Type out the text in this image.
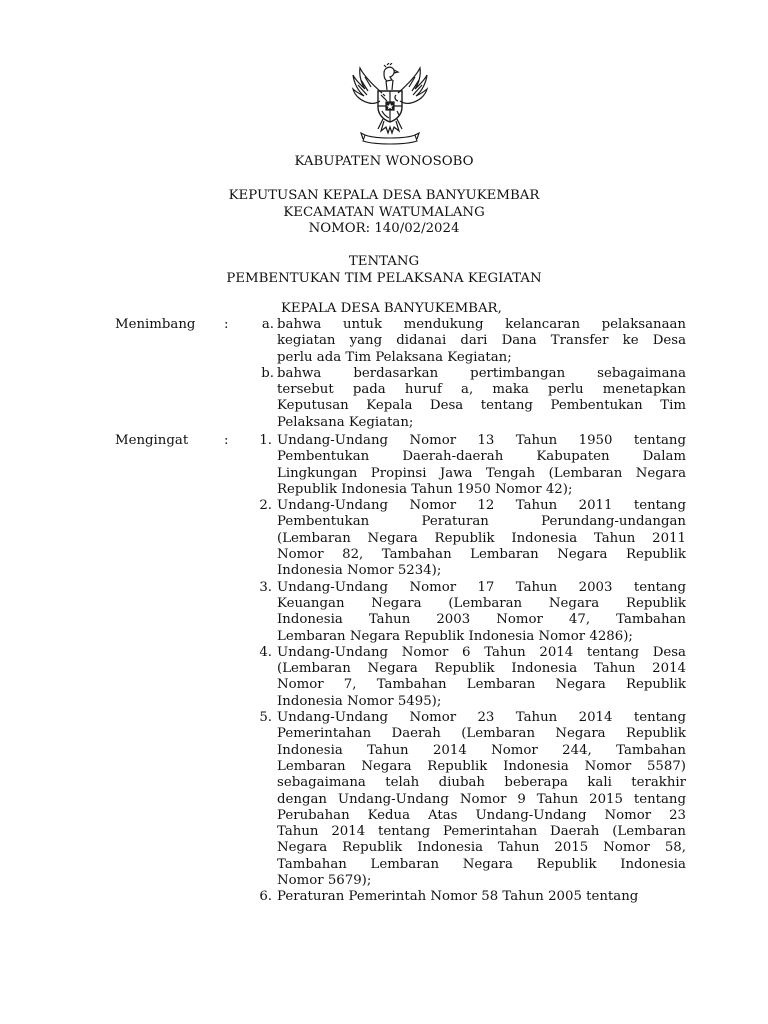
KABUPATEN WONOSOBO
KEPUTUSAN KEPALA DESA BANYUKEMBAR
KECAMATAN WATUMALANG
NOMOR: 140/02/2024
TENTANG
PEMBENTUKAN TIM PELAKSANA KEGIATAN
KEPALA DESA BANYUKEMBAR,
Menimbang :	a. bahwa untuk mendukung kelancaran pelaksanaan
kegiatan yang didanai dari Dana Transfer ke Desa
perlu ada Tim Pelaksana Kegiatan;
b. bahwa berdasarkan pertimbangan sebagaimana
tersebut pada huruf a, maka perlu menetapkan
Keputusan Kepala Desa tentang Pembentukan Tim
Pelaksana Kegiatan;
Mengingat	: 1. Undang-Undang Nomor 13 Tahun 1950 tentang
Pembentukan Daerah-daerah Kabupaten Dalam
Lingkungan Propinsi Jawa Tengah (Lembaran Negara
Republik Indonesia Tahun 1950 Nomor 42);
2. Undang-Undang Nomor 12 Tahun 2011 tentang
Pembentukan Peraturan Perundang-undangan
(Lembaran Negara Republik Indonesia Tahun 2011
Nomor 82, Tambahan Lembaran Negara Republik
Indonesia Nomor 5234);
3. Undang-Undang Nomor 17 Tahun 2003 tentang
Keuangan Negara (Lembaran Negara Republik
Indonesia Tahun 2003 Nomor 47, Tambahan
Lembaran Negara Republik Indonesia Nomor 4286);
4. Undang-Undang Nomor 6 Tahun 2014 tentang Desa
(Lembaran Negara Republik Indonesia Tahun 2014
Nomor 7, Tambahan Lembaran Negara Republik
Indonesia Nomor 5495);
5. Undang-Undang Nomor 23 Tahun 2014 tentang
Pemerintahan Daerah (Lembaran Negara Republik
Indonesia Tahun 2014 Nomor 244, Tambahan
Lembaran Negara Republik Indonesia Nomor 5587)
sebagaimana telah diubah beberapa kali terakhir
dengan Undang-Undang Nomor 9 Tahun 2015 tentang
Perubahan Kedua Atas Undang-Undang Nomor 23
Tahun 2014 tentang Pemerintahan Daerah (Lembaran
Negara Republik Indonesia Tahun 2015 Nomor 58,
Tambahan Lembaran Negara Republik Indonesia
Nomor 5679);
6. Peraturan Pemerintah Nomor 58 Tahun 2005 tentang
